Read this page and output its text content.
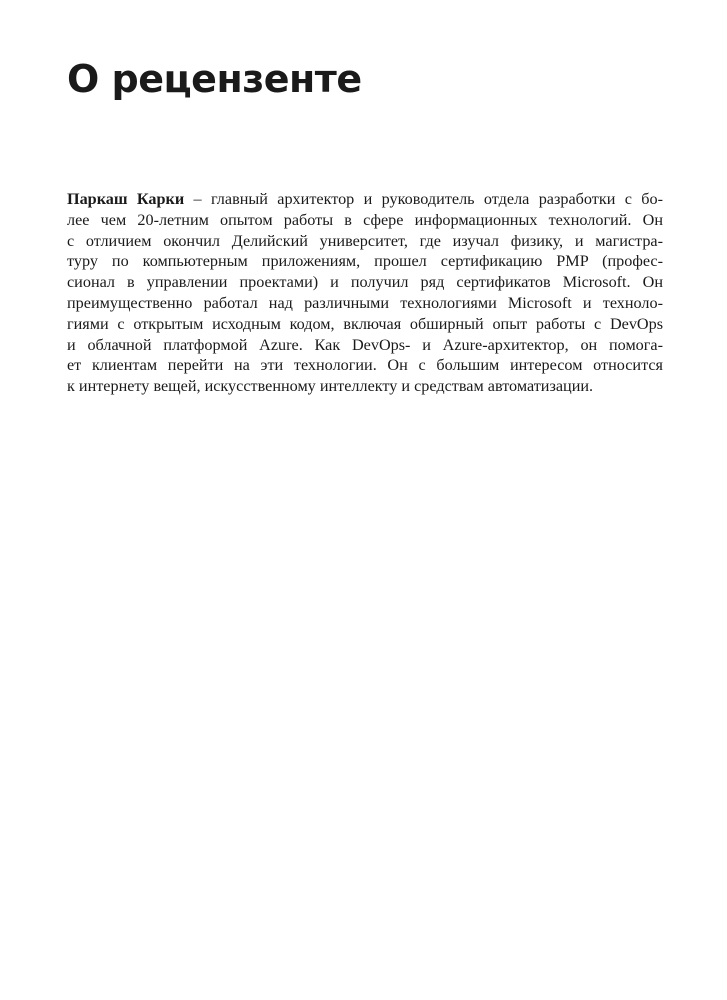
О рецензенте
Паркаш Карки – главный архитектор и руководитель отдела разработки с бо-
лее чем 20-летним опытом работы в сфере информационных технологий. Он
с отличием окончил Делийский университет, где изучал физику, и магистра-
туру по компьютерным приложениям, прошел сертификацию PMP (профес-
сионал в управлении проектами) и получил ряд сертификатов Microsoft. Он
преимущественно работал над различными технологиями Microsoft и техноло-
гиями с открытым исходным кодом, включая обширный опыт работы с DevOps
и облачной платформой Azure. Как DevOps- и Azure-архитектор, он помога-
ет клиентам перейти на эти технологии. Он с большим интересом относится
к интернету вещей, искусственному интеллекту и средствам автоматизации.
